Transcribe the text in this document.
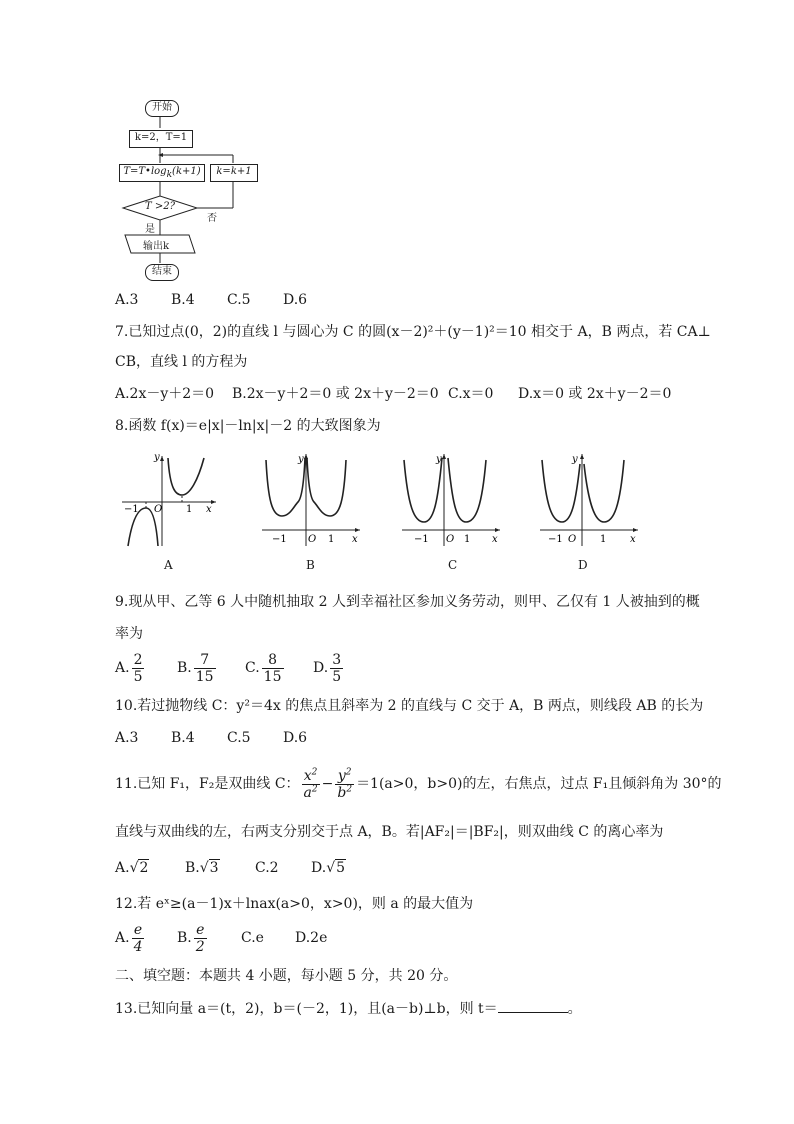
开始
k=2，T=1
$T=T•\log_k(k+1)$	k=k+1
T >2?
是
否
输出k
结束
A.3 B.4 C.5 D.6
7.已知过点(0，2)的直线 l 与圆心为 C 的圆(x－2)²＋(y－1)²＝10 相交于 A，B 两点，若 CA⊥
CB，直线 l 的方程为
A.2x－y＋2＝0 B.2x－y＋2＝0 或 2x＋y－2＝0 C.x＝0 D.x＝0 或 2x＋y－2＝0
8.函数 f(x)＝e|x|－ln|x|－2 的大致图象为
y
x
O
−1	1
A
y
x
O
−1	1
B
y
x
O
−1	1
C
y
x
O
−1	1
D
9.现从甲、乙等 6 人中随机抽取 2 人到幸福社区参加义务劳动，则甲、乙仅有 1 人被抽到的概
率为
A. $\frac{2}{5} B$. $\frac{7}{15} C$. $\frac{8}{15} D$. $\frac{3}{5}$
10.若过抛物线 C：y²＝4x 的焦点且斜率为 2 的直线与 C 交于 A，B 两点，则线段 AB 的长为
A.3 B.4 C.5 D.6
11.已知 F₁，F₂是双曲线 C： $\frac{x^2}{a^2} - \frac{y^2}{b^2} =1(a>0$，b>0)的左，右焦点，过点 F₁且倾斜角为 30°的
直线与双曲线的左，右两支分别交于点 A，B。若|AF₂|＝|BF₂|，则双曲线 C 的离心率为
A.√2	B.√3	C.2 D.√5
12.若 eˣ≥(a－1)x＋lnax(a>0，x>0)，则 a 的最大值为
A. $\frac{e}{4} B$. $\frac{e}{2} C.e$ D.2e
二、填空题：本题共 4 小题，每小题 5 分，共 20 分。
13.已知向量 a＝(t，2)，b＝(－2，1)，且(a－b)⊥b，则 t＝	。
